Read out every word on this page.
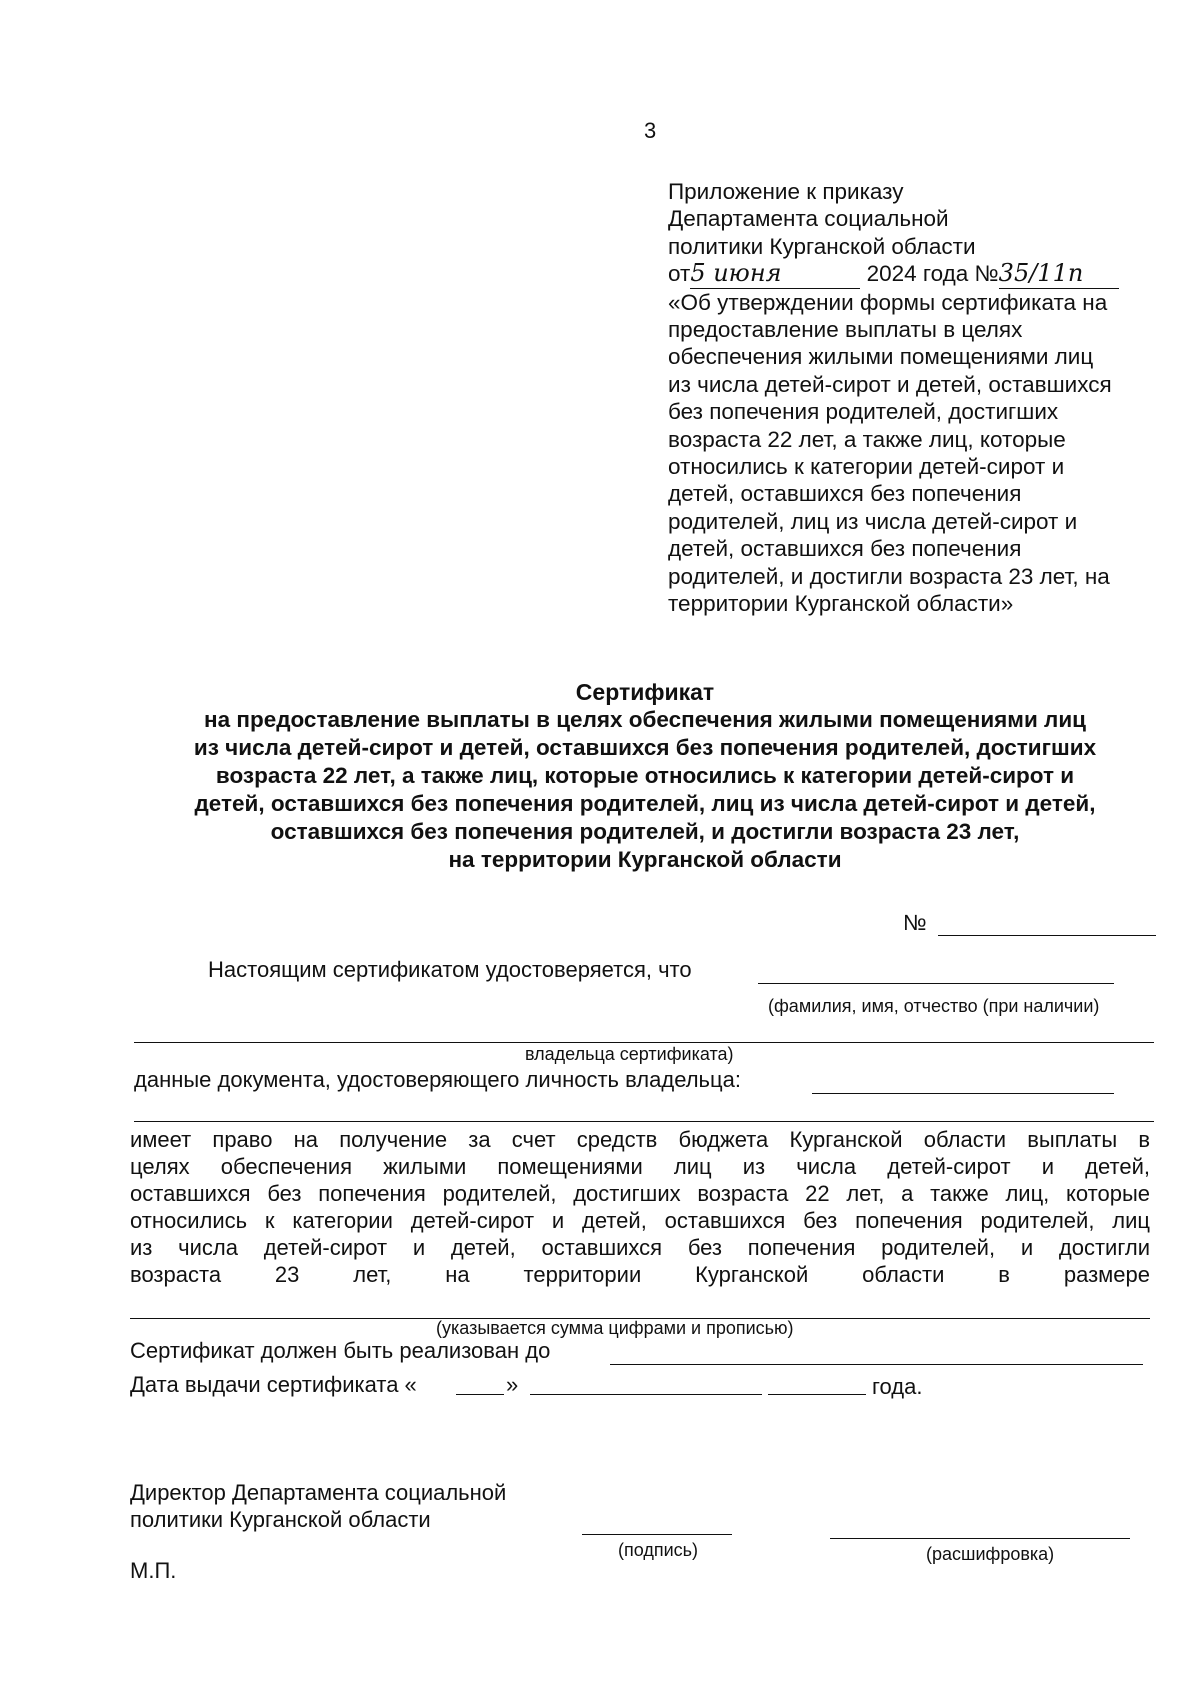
3
Приложение к приказу
Департамента социальной
политики Курганской области
от5 июня	2024 года №35/11п
«Об утверждении формы сертификата на
предоставление выплаты в целях
обеспечения жилыми помещениями лиц
из числа детей-сирот и детей, оставшихся
без попечения родителей, достигших
возраста 22 лет, а также лиц, которые
относились к категории детей-сирот и
детей, оставшихся без попечения
родителей, лиц из числа детей-сирот и
детей, оставшихся без попечения
родителей, и достигли возраста 23 лет, на
территории Курганской области»
Сертификат
на предоставление выплаты в целях обеспечения жилыми помещениями лиц
из числа детей-сирот и детей, оставшихся без попечения родителей, достигших
возраста 22 лет, а также лиц, которые относились к категории детей-сирот и
детей, оставшихся без попечения родителей, лиц из числа детей-сирот и детей,
оставшихся без попечения родителей, и достигли возраста 23 лет,
на территории Курганской области
№
Настоящим сертификатом удостоверяется, что
(фамилия, имя, отчество (при наличии)
владельца сертификата)
данные документа, удостоверяющего личность владельца:
имеет право на получение за счет средств бюджета Курганской области выплаты в
целях обеспечения жилыми помещениями лиц из числа детей-сирот и детей,
оставшихся без попечения родителей, достигших возраста 22 лет, а также лиц, которые
относились к категории детей-сирот и детей, оставшихся без попечения родителей, лиц
из числа детей-сирот и детей, оставшихся без попечения родителей, и достигли
возраста 23 лет, на территории Курганской области в размере
(указывается сумма цифрами и прописью)
Сертификат должен быть реализован до
Дата выдачи сертификата «	»	года.
Директор Департамента социальной
политики Курганской области
(подпись)	(расшифровка)
М.П.
